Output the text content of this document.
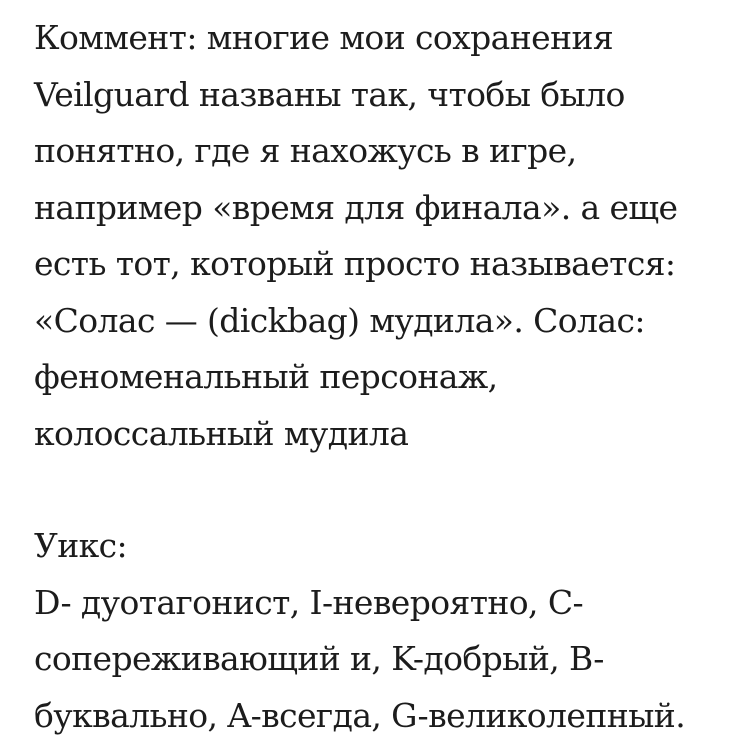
Коммент: многие мои сохранения
Veilguard названы так, чтобы было
понятно, где я нахожусь в игре,
например «время для финала». а еще
есть тот, который просто называется:
«Солас — (dickbag) мудила». Солас:
феноменальный персонаж,
колоссальный мудила
Уикс:
D- дуотагонист, I-невероятно, C-
сопереживающий и, K-добрый, B-
буквально, A-всегда, G-великолепный.
